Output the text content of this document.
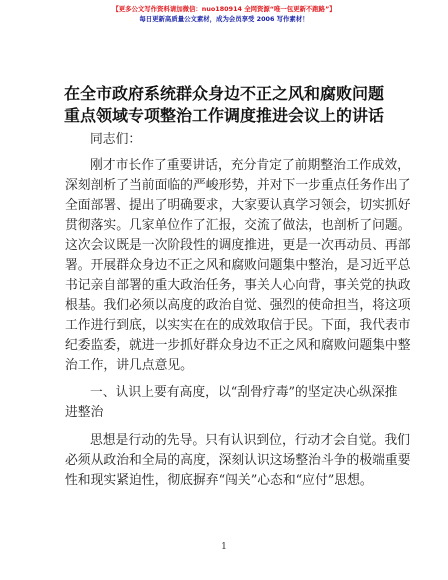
【更多公文写作资料请加微信：nuo180914 全网资源“唯一包更新不跑路”】
每日更新高质量公文素材，成为会员享受 2006 写作素材！
在全市政府系统群众身边不正之风和腐败问题
重点领域专项整治工作调度推进会议上的讲话
同志们：
刚才市长作了重要讲话，充分肯定了前期整治工作成效，
深刻剖析了当前面临的严峻形势，并对下一步重点任务作出了
全面部署、提出了明确要求，大家要认真学习领会，切实抓好
贯彻落实。几家单位作了汇报，交流了做法，也剖析了问题。
这次会议既是一次阶段性的调度推进，更是一次再动员、再部
署。开展群众身边不正之风和腐败问题集中整治，是习近平总
书记亲自部署的重大政治任务，事关人心向背，事关党的执政
根基。我们必须以高度的政治自觉、强烈的使命担当，将这项
工作进行到底，以实实在在的成效取信于民。下面，我代表市
纪委监委，就进一步抓好群众身边不正之风和腐败问题集中整
治工作，讲几点意见。
一、认识上要有高度，以“刮骨疗毒”的坚定决心纵深推
进整治
思想是行动的先导。只有认识到位，行动才会自觉。我们
必须从政治和全局的高度，深刻认识这场整治斗争的极端重要
性和现实紧迫性，彻底摒弃“闯关”心态和“应付”思想。
1
